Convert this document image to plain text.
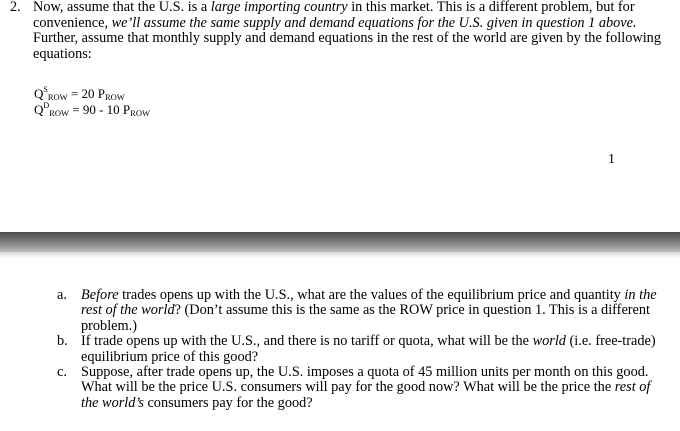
2. Now, assume that the U.S. is a large importing country in this market. This is a different problem, but for convenience, we’ll assume the same supply and demand equations for the U.S. given in question 1 above. Further, assume that monthly supply and demand equations in the rest of the world are given by the following equations:
$Q^SROW = 20$ PROW
$Q^DROW = 90 - 10$ PROW
1
a. Before trades opens up with the U.S., what are the values of the equilibrium price and quantity in the rest of the world? (Don’t assume this is the same as the ROW price in question 1. This is a different problem.)
b. If trade opens up with the U.S., and there is no tariff or quota, what will be the world (i.e. free-trade) equilibrium price of this good?
c. Suppose, after trade opens up, the U.S. imposes a quota of 45 million units per month on this good. What will be the price U.S. consumers will pay for the good now? What will be the price the rest of the world’s consumers pay for the good?
